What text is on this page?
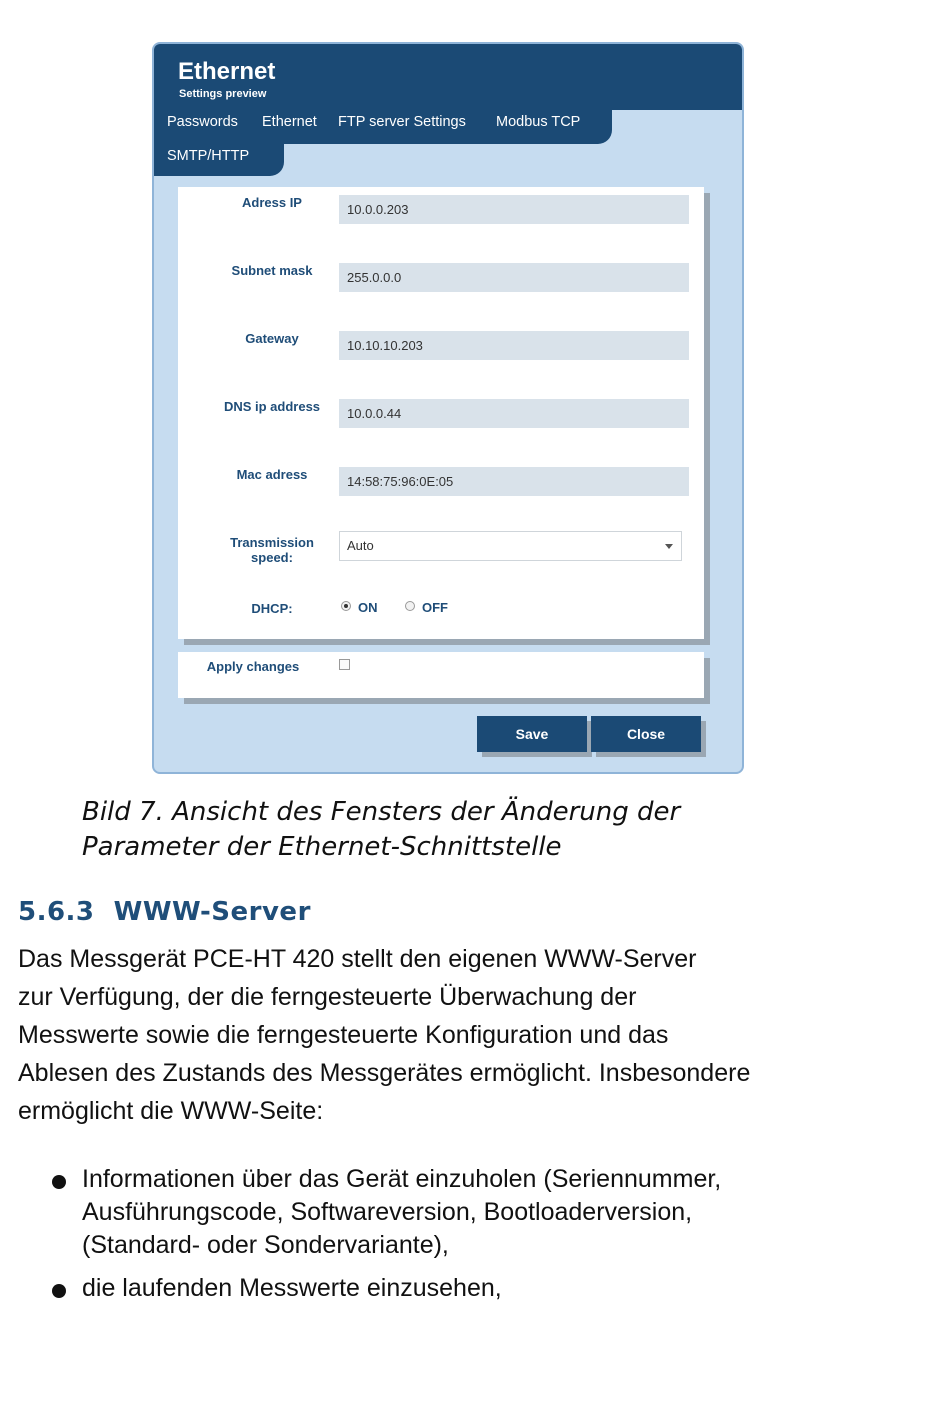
Ethernet
Settings preview
Passwords Ethernet FTP server Settings Modbus TCP
SMTP/HTTP
Adress IP	10.0.0.203
Subnet mask	255.0.0.0
Gateway	10.10.10.203
DNS ip address	10.0.0.44
Mac adress	14:58:75:96:0E:05
Transmission
speed:
Auto
DHCP:	ON	OFF
Apply changes
Save	Close
Bild 7. Ansicht des Fensters der Änderung der
Parameter der Ethernet-Schnittstelle
5.6.3 WWW-Server
Das Messgerät PCE-HT 420 stellt den eigenen WWW-Server
zur Verfügung, der die ferngesteuerte Überwachung der
Messwerte sowie die ferngesteuerte Konfiguration und das
Ablesen des Zustands des Messgerätes ermöglicht. Insbesondere
ermöglicht die WWW-Seite:
Informationen über das Gerät einzuholen (Seriennummer,
Ausführungscode, Softwareversion, Bootloaderversion,
(Standard- oder Sondervariante),
die laufenden Messwerte einzusehen,
